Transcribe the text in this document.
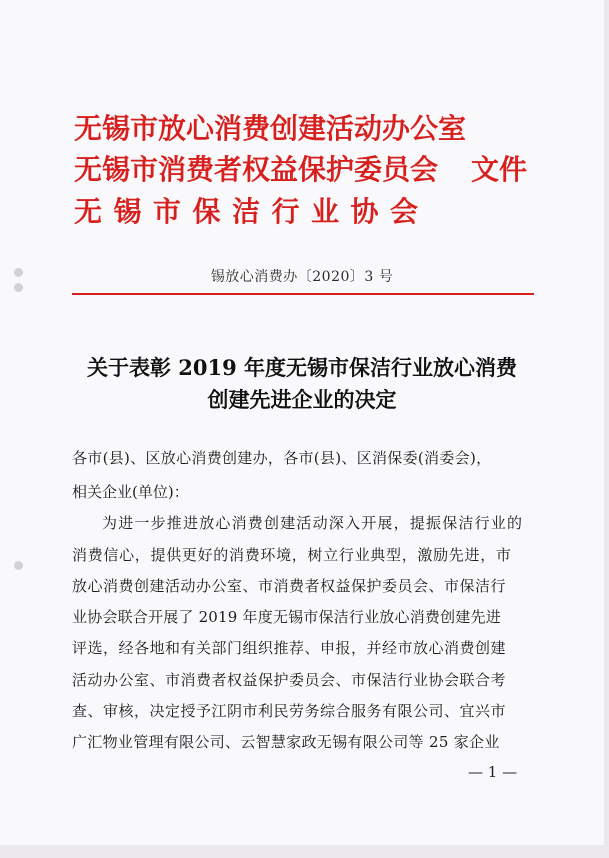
无锡市放心消费创建活动办公室
无锡市消费者权益保护委员会
无锡市保洁行业协会
文件
锡放心消费办〔2020〕3 号
关于表彰 2019 年度无锡市保洁行业放心消费
创建先进企业的决定
各市(县)、区放心消费创建办，各市(县)、区消保委(消委会)，
相关企业(单位)：
为进一步推进放心消费创建活动深入开展，提振保洁行业的
消费信心，提供更好的消费环境，树立行业典型，激励先进，市
放心消费创建活动办公室、市消费者权益保护委员会、市保洁行
业协会联合开展了 2019 年度无锡市保洁行业放心消费创建先进
评选，经各地和有关部门组织推荐、申报，并经市放心消费创建
活动办公室、市消费者权益保护委员会、市保洁行业协会联合考
查、审核，决定授予江阴市利民劳务综合服务有限公司、宜兴市
广汇物业管理有限公司、云智慧家政无锡有限公司等 25 家企业
— 1 —
